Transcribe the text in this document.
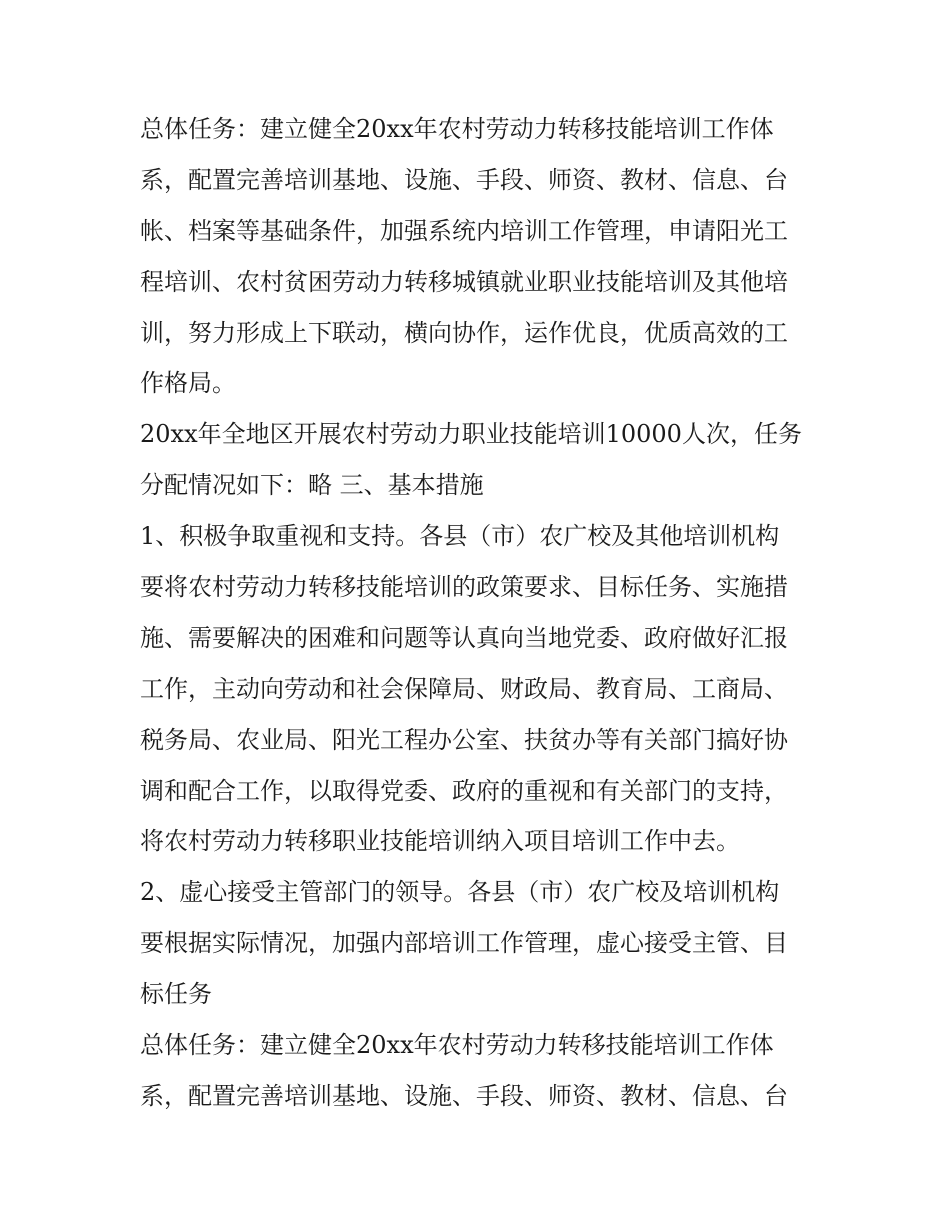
总体任务：建立健全20xx年农村劳动力转移技能培训工作体
系，配置完善培训基地、设施、手段、师资、教材、信息、台
帐、档案等基础条件，加强系统内培训工作管理，申请阳光工
程培训、农村贫困劳动力转移城镇就业职业技能培训及其他培
训，努力形成上下联动，横向协作，运作优良，优质高效的工
作格局。
20xx年全地区开展农村劳动力职业技能培训10000人次，任务
分配情况如下：略 三、基本措施
1、积极争取重视和支持。各县（市）农广校及其他培训机构
要将农村劳动力转移技能培训的政策要求、目标任务、实施措
施、需要解决的困难和问题等认真向当地党委、政府做好汇报
工作，主动向劳动和社会保障局、财政局、教育局、工商局、
税务局、农业局、阳光工程办公室、扶贫办等有关部门搞好协
调和配合工作，以取得党委、政府的重视和有关部门的支持，
将农村劳动力转移职业技能培训纳入项目培训工作中去。
2、虚心接受主管部门的领导。各县（市）农广校及培训机构
要根据实际情况，加强内部培训工作管理，虚心接受主管、目
标任务
总体任务：建立健全20xx年农村劳动力转移技能培训工作体
系，配置完善培训基地、设施、手段、师资、教材、信息、台
